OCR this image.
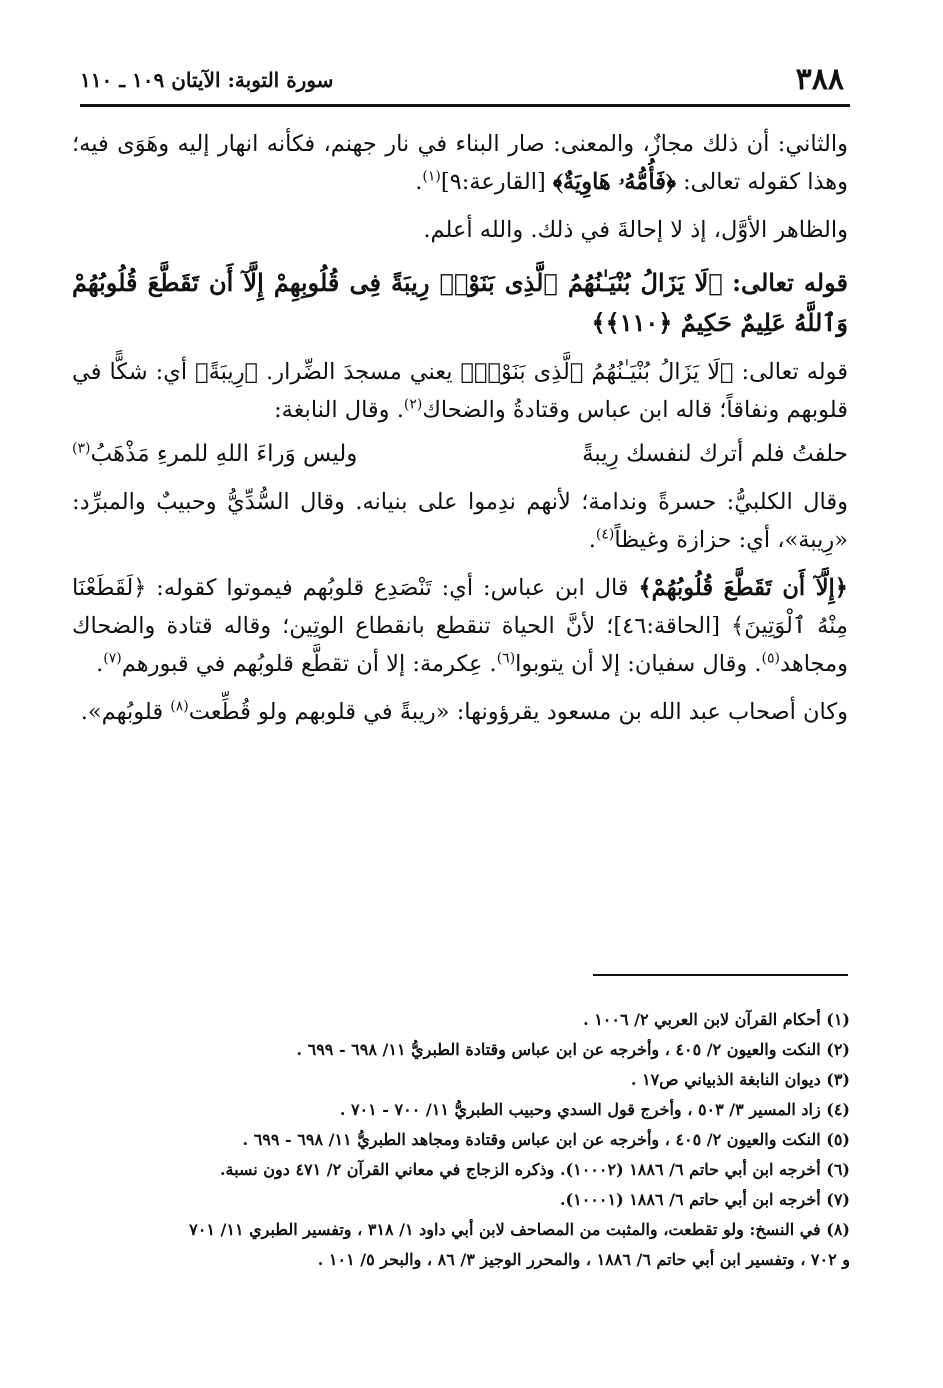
٣٨٨
سورة التوبة: الآيتان ١٠٩ ـ ١١٠

والثاني: أن ذلك مجازٌ، والمعنى: صار البناء في نار جهنم، فكأنه انهار إليه وهَوَى فيه؛ وهذا كقوله تعالى: ﴿فَأُمُّهُۥ هَاوِيَةٌ﴾ [القارعة:٩]$^{(١)}$.

والظاهر الأوَّل، إذ لا إحالةَ في ذلك. والله أعلم.

قوله تعالى: ﴿لَا يَزَالُ بُنْيَـٰنُهُمُ ٱلَّذِى بَنَوْا۟ رِيبَةً فِى قُلُوبِهِمْ إِلَّآ أَن تَقَطَّعَ قُلُوبُهُمْ وَٱللَّهُ عَلِيمٌ حَكِيمٌ ﴿١١٠﴾﴾

قوله تعالى: ﴿لَا يَزَالُ بُنْيَـٰنُهُمُ ٱلَّذِى بَنَوْا۟﴾ يعني مسجدَ الضِّرار. ﴿رِيبَةً﴾ أي: شكًّا في قلوبهم ونفاقاً؛ قاله ابن عباس وقتادةُ والضحاك$^{(٢)}$. وقال النابغة:

حلفتُ فلم أترك لنفسك رِيبةً
وليس وَراءَ اللهِ للمرءِ مَذْهَبُ$^{(٣)}$

وقال الكلبيُّ: حسرةً وندامة؛ لأنهم ندِموا على بنيانه. وقال السُّدِّيُّ وحبيبٌ والمبرِّد: «رِيبة»، أي: حزازة وغيظاً$^{(٤)}$.

﴿إِلَّآ أَن تَقَطَّعَ قُلُوبُهُمْ﴾ قال ابن عباس: أي: تَنْصَدِع قلوبُهم فيموتوا كقوله: ﴿لَقَطَعْنَا مِنْهُ ٱلْوَتِينَ﴾ [الحاقة:٤٦]؛ لأنَّ الحياة تنقطع بانقطاع الوتِين؛ وقاله قتادة والضحاك ومجاهد$^{(٥)}$. وقال سفيان: إلا أن يتوبوا$^{(٦)}$. عِكرمة: إلا أن تقطَّع قلوبُهم في قبورهم$^{(٧)}$.

وكان أصحاب عبد الله بن مسعود يقرؤونها: «ريبةً في قلوبهم ولو قُطِّعت$^{(٨)}$ قلوبُهم».

(١) أحكام القرآن لابن العربي ٢/ ١٠٠٦ .

(٢) النكت والعيون ٢/ ٤٠٥ ، وأخرجه عن ابن عباس وقتادة الطبريُّ ١١/ ٦٩٨ - ٦٩٩ .

(٣) ديوان النابغة الذبياني ص١٧ .

(٤) زاد المسير ٣/ ٥٠٣ ، وأخرج قول السدي وحبيب الطبريُّ ١١/ ٧٠٠ - ٧٠١ .

(٥) النكت والعيون ٢/ ٤٠٥ ، وأخرجه عن ابن عباس وقتادة ومجاهد الطبريُّ ١١/ ٦٩٨ - ٦٩٩ .

(٦) أخرجه ابن أبي حاتم ٦/ ١٨٨٦ (١٠٠٠٢). وذكره الزجاج في معاني القرآن ٢/ ٤٧١ دون نسبة.

(٧) أخرجه ابن أبي حاتم ٦/ ١٨٨٦ (١٠٠٠١).

(٨) في النسخ: ولو تقطعت، والمثبت من المصاحف لابن أبي داود ١/ ٣١٨ ، وتفسير الطبري ١١/ ٧٠١

و ٧٠٢ ، وتفسير ابن أبي حاتم ٦/ ١٨٨٦ ، والمحرر الوجيز ٣/ ٨٦ ، والبحر ٥/ ١٠١ .
